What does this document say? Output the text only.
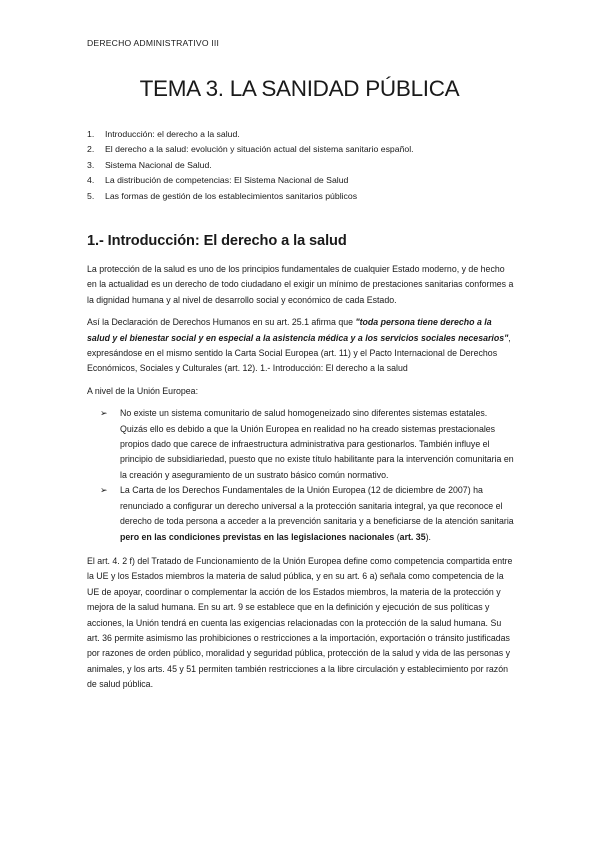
DERECHO ADMINISTRATIVO III
TEMA 3. LA SANIDAD PÚBLICA
1. Introducción: el derecho a la salud.
2. El derecho a la salud: evolución y situación actual del sistema sanitario español.
3. Sistema Nacional de Salud.
4. La distribución de competencias: El Sistema Nacional de Salud
5. Las formas de gestión de los establecimientos sanitarios públicos
1.- Introducción: El derecho a la salud

La protección de la salud es uno de los principios fundamentales de cualquier Estado moderno, y de hecho en la actualidad es un derecho de todo ciudadano el exigir un mínimo de prestaciones sanitarias conformes a la dignidad humana y al nivel de desarrollo social y económico de cada Estado.

Así la Declaración de Derechos Humanos en su art. 25.1 afirma que "toda persona tiene derecho a la salud y el bienestar social y en especial a la asistencia médica y a los servicios sociales necesarios", expresándose en el mismo sentido la Carta Social Europea (art. 11) y el Pacto Internacional de Derechos Económicos, Sociales y Culturales (art. 12). 1.- Introducción: El derecho a la salud

A nivel de la Unión Europea:

➢ No existe un sistema comunitario de salud homogeneizado sino diferentes sistemas estatales. Quizás ello es debido a que la Unión Europea en realidad no ha creado sistemas prestacionales propios dado que carece de infraestructura administrativa para gestionarlos. También influye el principio de subsidiariedad, puesto que no existe título habilitante para la intervención comunitaria en la creación y aseguramiento de un sustrato básico común normativo.
➢ La Carta de los Derechos Fundamentales de la Unión Europea (12 de diciembre de 2007) ha renunciado a configurar un derecho universal a la protección sanitaria integral, ya que reconoce el derecho de toda persona a acceder a la prevención sanitaria y a beneficiarse de la atención sanitaria pero en las condiciones previstas en las legislaciones nacionales (art. 35).

El art. 4. 2 f) del Tratado de Funcionamiento de la Unión Europea define como competencia compartida entre la UE y los Estados miembros la materia de salud pública, y en su art. 6 a) señala como competencia de la UE de apoyar, coordinar o complementar la acción de los Estados miembros, la materia de la protección y mejora de la salud humana. En su art. 9 se establece que en la definición y ejecución de sus políticas y acciones, la Unión tendrá en cuenta las exigencias relacionadas con la protección de la salud humana. Su art. 36 permite asimismo las prohibiciones o restricciones a la importación, exportación o tránsito justificadas por razones de orden público, moralidad y seguridad pública, protección de la salud y vida de las personas y animales, y los arts. 45 y 51 permiten también restricciones a la libre circulación y establecimiento por razón de salud pública.
